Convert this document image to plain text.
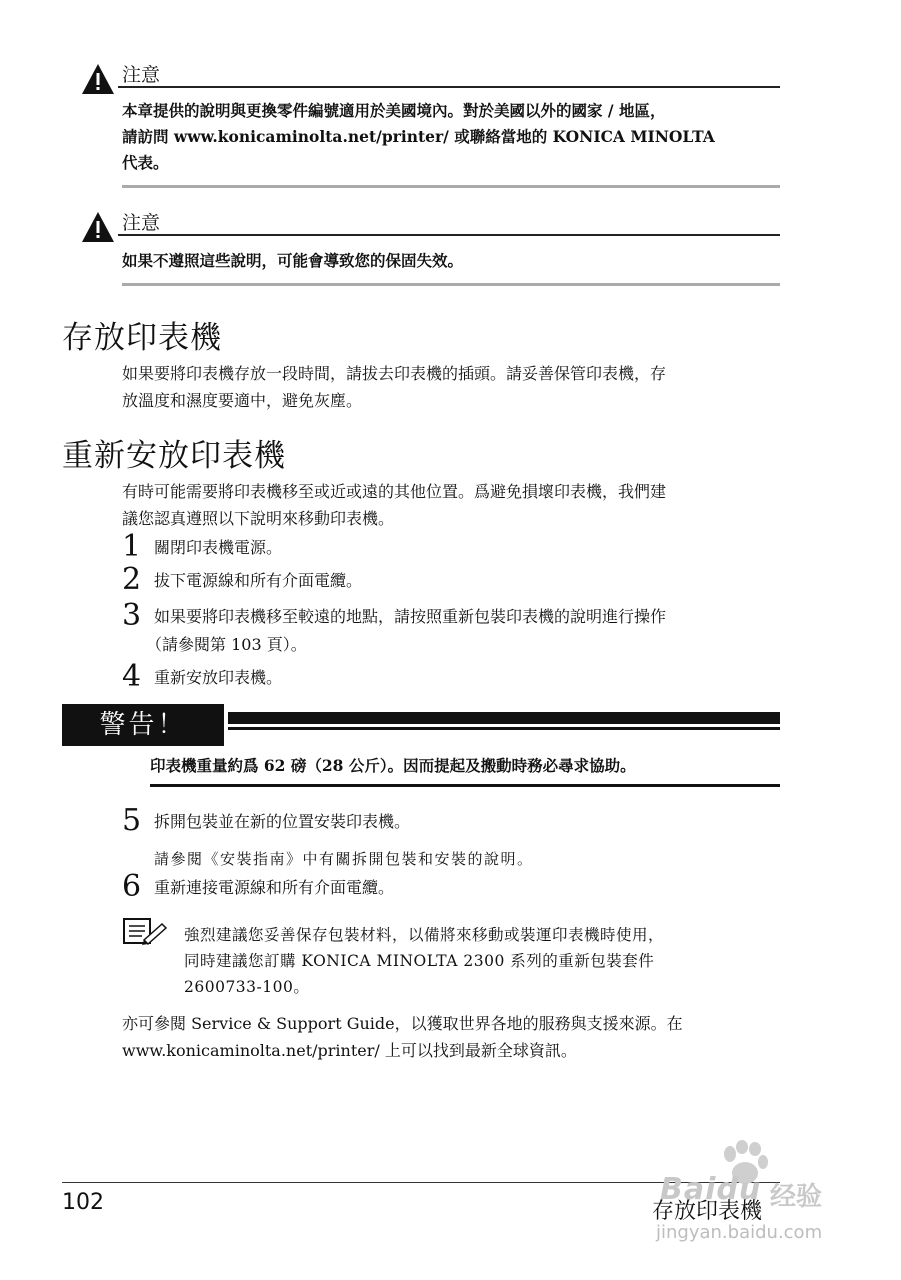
注意
本章提供的說明與更換零件編號適用於美國境內。對於美國以外的國家 / 地區，
請訪問 www.konicaminolta.net/printer/ 或聯絡當地的 KONICA MINOLTA
代表。
注意
如果不遵照這些說明，可能會導致您的保固失效。
存放印表機
如果要將印表機存放一段時間，請拔去印表機的插頭。請妥善保管印表機，存
放溫度和濕度要適中，避免灰塵。
重新安放印表機
有時可能需要將印表機移至或近或遠的其他位置。爲避免損壞印表機，我們建
議您認真遵照以下說明來移動印表機。
1 關閉印表機電源。
2 拔下電源線和所有介面電纜。
3 如果要將印表機移至較遠的地點，請按照重新包裝印表機的說明進行操作
（請參閱第 103 頁）。
4 重新安放印表機。
警告！
印表機重量約爲 62 磅（28 公斤）。因而提起及搬動時務必尋求協助。
5 拆開包裝並在新的位置安裝印表機。
請參閱《安裝指南》中有關拆開包裝和安裝的說明。
6 重新連接電源線和所有介面電纜。
強烈建議您妥善保存包裝材料，以備將來移動或裝運印表機時使用，
同時建議您訂購 KONICA MINOLTA 2300 系列的重新包裝套件
2600733-100。
亦可參閱 Service & Support Guide，以獲取世界各地的服務與支援來源。在
www.konicaminolta.net/printer/ 上可以找到最新全球資訊。
102	存放印表機
Baidu 经验
jingyan.baidu.com
